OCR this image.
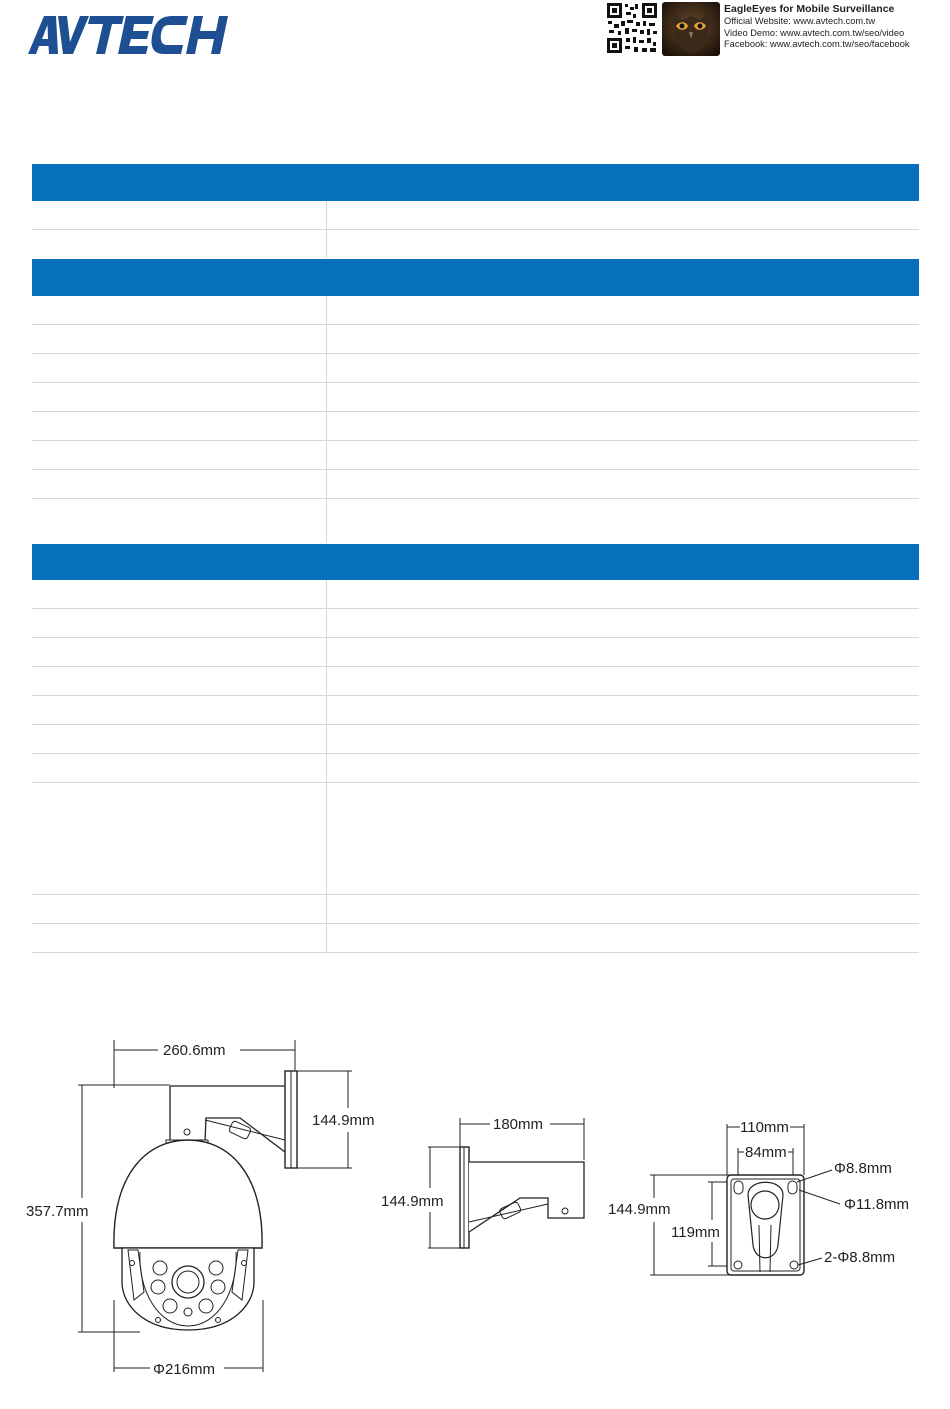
EagleEyes for Mobile Surveillance
Official Website: www.avtech.com.tw
Video Demo: www.avtech.com.tw/seo/video
Facebook: www.avtech.com.tw/seo/facebook
260.6mm
144.9mm
357.7mm
Φ216mm
180mm
144.9mm
110mm
84mm
144.9mm
119mm
Φ8.8mm
Φ11.8mm
2-Φ8.8mm
